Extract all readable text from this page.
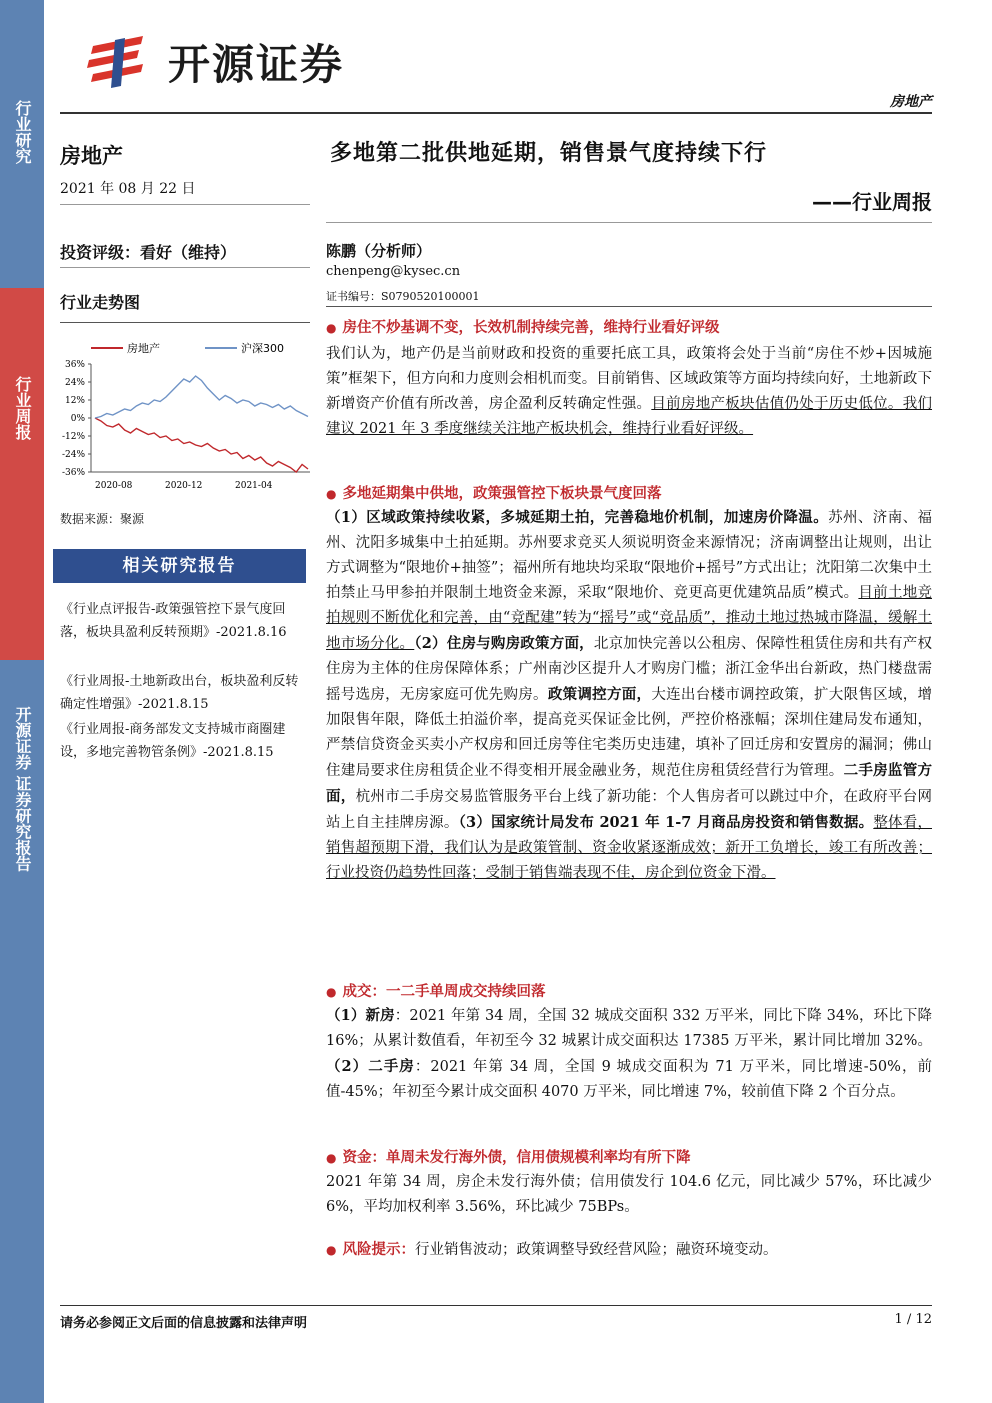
行业研究
行业周报
开源证券 证券研究报告
开源证券
房地产
房地产
2021 年 08 月 22 日
投资评级：看好（维持）
行业走势图
房地产	沪深300
36%
24%
12%
0%
-12%
-24%
-36%
2020-08	2020-12	2021-04
数据来源：聚源
相关研究报告
《行业点评报告-政策强管控下景气度回落，板块具盈利反转预期》-2021.8.16
《行业周报-土地新政出台，板块盈利反转确定性增强》-2021.8.15
《行业周报-商务部发文支持城市商圈建设，多地完善物管条例》-2021.8.15
多地第二批供地延期，销售景气度持续下行
——行业周报
陈鹏（分析师）
chenpeng@kysec.cn
证书编号：S0790520100001
● 房住不炒基调不变，长效机制持续完善，维持行业看好评级
我们认为，地产仍是当前财政和投资的重要托底工具，政策将会处于当前“房住不炒+因城施策”框架下，但方向和力度则会相机而变。目前销售、区域政策等方面均持续向好，土地新政下新增资产价值有所改善，房企盈利反转确定性强。目前房地产板块估值仍处于历史低位。我们建议 2021 年 3 季度继续关注地产板块机会，维持行业看好评级。
● 多地延期集中供地，政策强管控下板块景气度回落
（1）区域政策持续收紧，多城延期土拍，完善稳地价机制，加速房价降温。苏州、济南、福州、沈阳多城集中土拍延期。苏州要求竞买人须说明资金来源情况；济南调整出让规则，出让方式调整为“限地价+抽签”；福州所有地块均采取“限地价+摇号”方式出让；沈阳第二次集中土拍禁止马甲参拍并限制土地资金来源，采取“限地价、竞更高更优建筑品质”模式。目前土地竞拍规则不断优化和完善，由“竞配建”转为“摇号”或“竞品质”，推动土地过热城市降温，缓解土地市场分化。（2）住房与购房政策方面，北京加快完善以公租房、保障性租赁住房和共有产权住房为主体的住房保障体系；广州南沙区提升人才购房门槛；浙江金华出台新政，热门楼盘需摇号选房，无房家庭可优先购房。政策调控方面，大连出台楼市调控政策，扩大限售区域，增加限售年限，降低土拍溢价率，提高竞买保证金比例，严控价格涨幅；深圳住建局发布通知，严禁信贷资金买卖小产权房和回迁房等住宅类历史违建，填补了回迁房和安置房的漏洞；佛山住建局要求住房租赁企业不得变相开展金融业务，规范住房租赁经营行为管理。二手房监管方面，杭州市二手房交易监管服务平台上线了新功能：个人售房者可以跳过中介，在政府平台网站上自主挂牌房源。（3）国家统计局发布 2021 年 1-7 月商品房投资和销售数据。整体看，销售超预期下滑，我们认为是政策管制、资金收紧逐渐成效；新开工负增长，竣工有所改善；行业投资仍趋势性回落；受制于销售端表现不佳，房企到位资金下滑。
● 成交：一二手单周成交持续回落
（1）新房：2021 年第 34 周，全国 32 城成交面积 332 万平米，同比下降 34%，环比下降 16%；从累计数值看，年初至今 32 城累计成交面积达 17385 万平米，累计同比增加 32%。（2）二手房：2021 年第 34 周，全国 9 城成交面积为 71 万平米，同比增速-50%，前值-45%；年初至今累计成交面积 4070 万平米，同比增速 7%，较前值下降 2 个百分点。
● 资金：单周未发行海外债，信用债规模利率均有所下降
2021 年第 34 周，房企未发行海外债；信用债发行 104.6 亿元，同比减少 57%，环比减少 6%，平均加权利率 3.56%，环比减少 75BPs。
● 风险提示：行业销售波动；政策调整导致经营风险；融资环境变动。
请务必参阅正文后面的信息披露和法律声明	1 / 12
